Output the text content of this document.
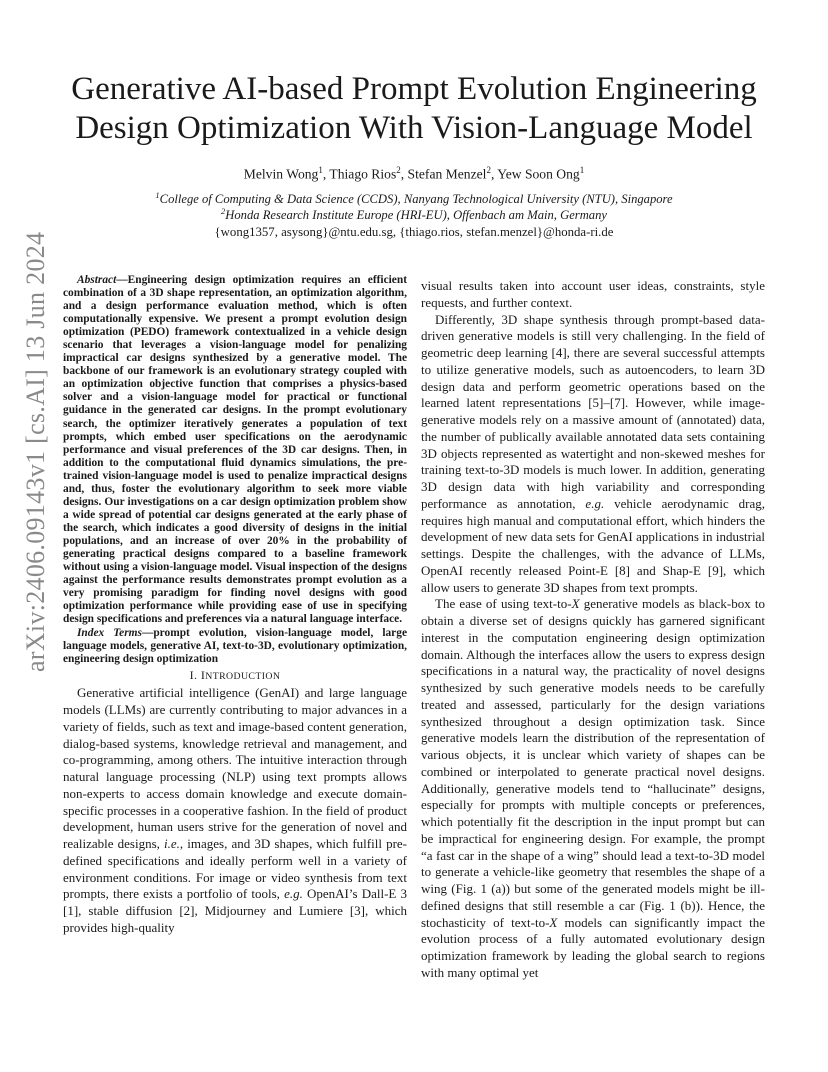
arXiv:2406.09143v1 [cs.AI] 13 Jun 2024
Generative AI-based Prompt Evolution Engineering Design Optimization With Vision-Language Model
Melvin Wong$^1$, Thiago Rios$^2$, Stefan Menzel$^2$, Yew Soon Ong$^1$
$^1$College of Computing & Data Science (CCDS), Nanyang Technological University (NTU), Singapore
$^2$Honda Research Institute Europe (HRI-EU), Offenbach am Main, Germany
{wong1357, asysong}@ntu.edu.sg, {thiago.rios, stefan.menzel}@honda-ri.de

Abstract—Engineering design optimization requires an efficient combination of a 3D shape representation, an optimization algorithm, and a design performance evaluation method, which is often computationally expensive. We present a prompt evolution design optimization (PEDO) framework contextualized in a vehicle design scenario that leverages a vision-language model for penalizing impractical car designs synthesized by a generative model. The backbone of our framework is an evolutionary strategy coupled with an optimization objective function that comprises a physics-based solver and a vision-language model for practical or functional guidance in the generated car designs. In the prompt evolutionary search, the optimizer iteratively generates a population of text prompts, which embed user specifications on the aerodynamic performance and visual preferences of the 3D car designs. Then, in addition to the computational fluid dynamics simulations, the pre-trained vision-language model is used to penalize impractical designs and, thus, foster the evolutionary algorithm to seek more viable designs. Our investigations on a car design optimization problem show a wide spread of potential car designs generated at the early phase of the search, which indicates a good diversity of designs in the initial populations, and an increase of over 20% in the probability of generating practical designs compared to a baseline framework without using a vision-language model. Visual inspection of the designs against the performance results demonstrates prompt evolution as a very promising paradigm for finding novel designs with good optimization performance while providing ease of use in specifying design specifications and preferences via a natural language interface.

Index Terms—prompt evolution, vision-language model, large language models, generative AI, text-to-3D, evolutionary optimization, engineering design optimization

I. INTRODUCTION

Generative artificial intelligence (GenAI) and large language models (LLMs) are currently contributing to major advances in a variety of fields, such as text and image-based content generation, dialog-based systems, knowledge retrieval and management, and co-programming, among others. The intuitive interaction through natural language processing (NLP) using text prompts allows non-experts to access domain knowledge and execute domain-specific processes in a cooperative fashion. In the field of product development, human users strive for the generation of novel and realizable designs, i.e., images, and 3D shapes, which fulfill pre-defined specifications and ideally perform well in a variety of environment conditions. For image or video synthesis from text prompts, there exists a portfolio of tools, e.g. OpenAI’s Dall-E 3 [1], stable diffusion [2], Midjourney and Lumiere [3], which provides high-quality

visual results taken into account user ideas, constraints, style requests, and further context.

Differently, 3D shape synthesis through prompt-based data-driven generative models is still very challenging. In the field of geometric deep learning [4], there are several successful attempts to utilize generative models, such as autoencoders, to learn 3D design data and perform geometric operations based on the learned latent representations [5]–[7]. However, while image-generative models rely on a massive amount of (annotated) data, the number of publically available annotated data sets containing 3D objects represented as watertight and non-skewed meshes for training text-to-3D models is much lower. In addition, generating 3D design data with high variability and corresponding performance as annotation, e.g. vehicle aerodynamic drag, requires high manual and computational effort, which hinders the development of new data sets for GenAI applications in industrial settings. Despite the challenges, with the advance of LLMs, OpenAI recently released Point-E [8] and Shap-E [9], which allow users to generate 3D shapes from text prompts.

The ease of using text-to-X generative models as black-box to obtain a diverse set of designs quickly has garnered significant interest in the computation engineering design optimization domain. Although the interfaces allow the users to express design specifications in a natural way, the practicality of novel designs synthesized by such generative models needs to be carefully treated and assessed, particularly for the design variations synthesized throughout a design optimization task. Since generative models learn the distribution of the representation of various objects, it is unclear which variety of shapes can be combined or interpolated to generate practical novel designs. Additionally, generative models tend to “hallucinate” designs, especially for prompts with multiple concepts or preferences, which potentially fit the description in the input prompt but can be impractical for engineering design. For example, the prompt “a fast car in the shape of a wing” should lead a text-to-3D model to generate a vehicle-like geometry that resembles the shape of a wing (Fig. 1 (a)) but some of the generated models might be ill-defined designs that still resemble a car (Fig. 1 (b)). Hence, the stochasticity of text-to-X models can significantly impact the evolution process of a fully automated evolutionary design optimization framework by leading the global search to regions with many optimal yet
